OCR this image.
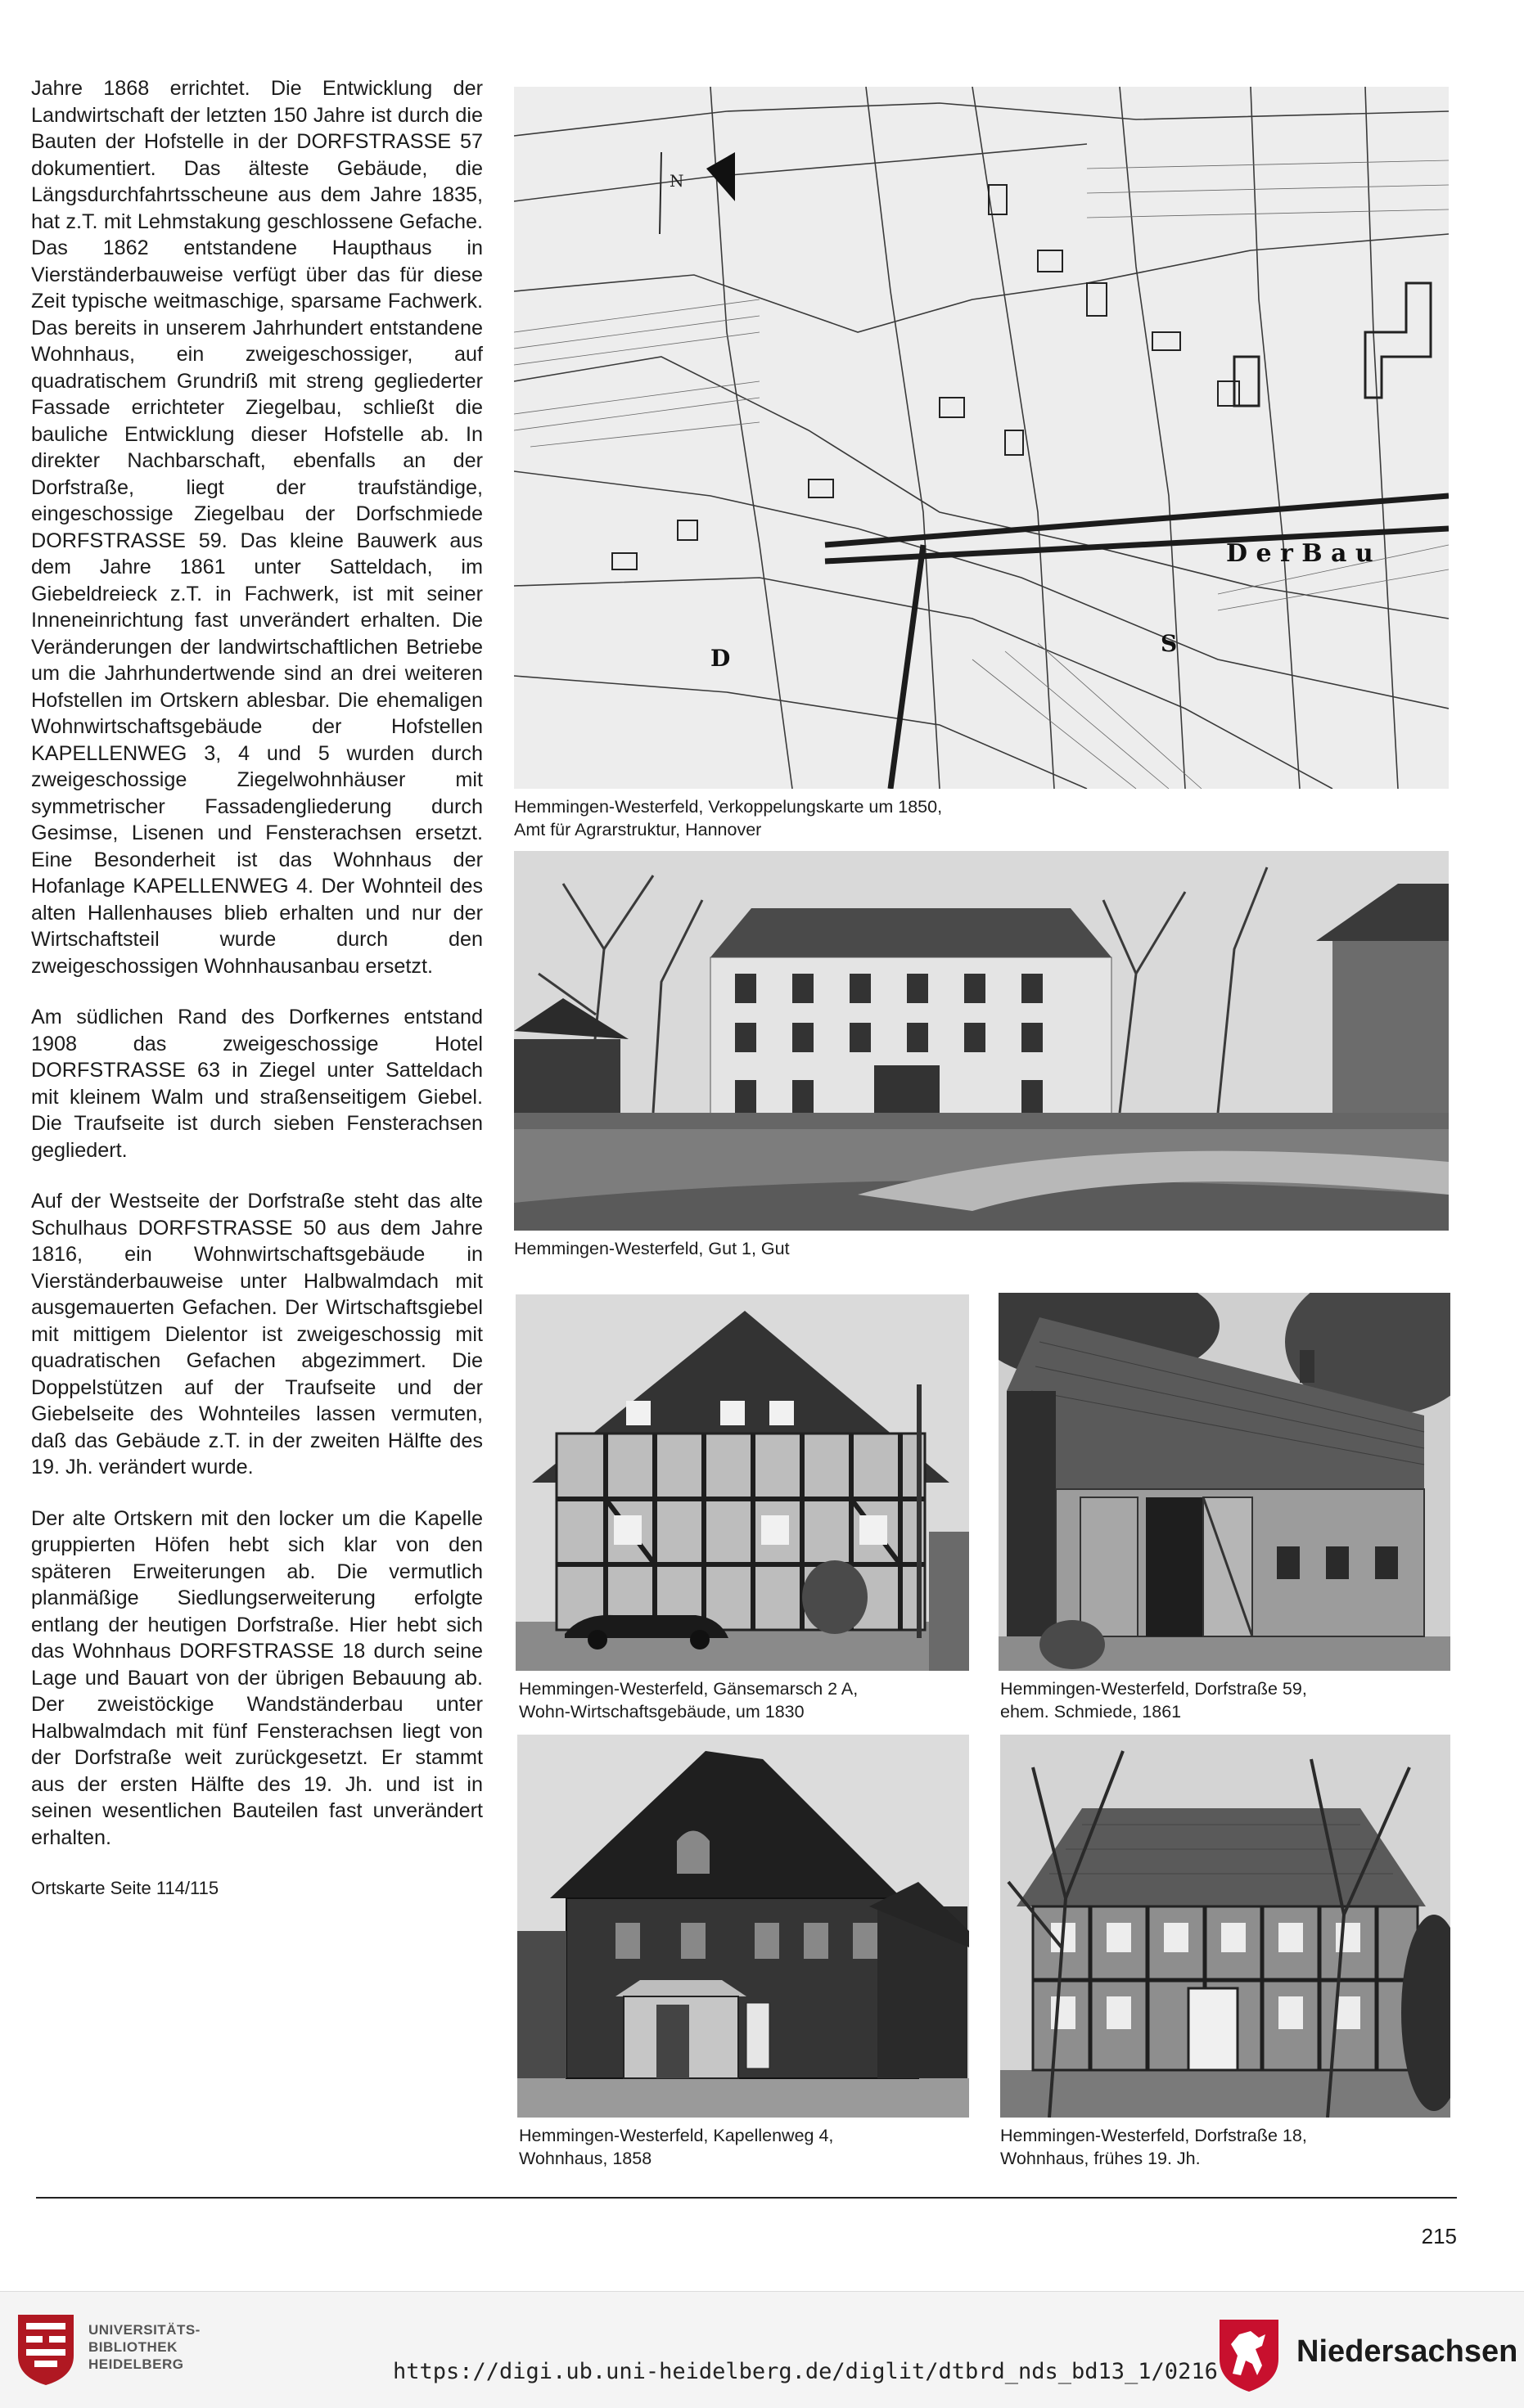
Jahre 1868 errichtet. Die Entwicklung der Landwirtschaft der letzten 150 Jahre ist durch die Bauten der Hofstelle in der DORFSTRASSE 57 dokumentiert. Das älteste Gebäude, die Längsdurchfahrtsscheune aus dem Jahre 1835, hat z.T. mit Lehmstakung geschlossene Gefache. Das 1862 entstandene Haupthaus in Vierständerbauweise verfügt über das für diese Zeit typische weitmaschige, sparsame Fachwerk. Das bereits in unserem Jahrhundert entstandene Wohnhaus, ein zweigeschossiger, auf quadratischem Grundriß mit streng gegliederter Fassade errichteter Ziegelbau, schließt die bauliche Entwicklung dieser Hofstelle ab. In direkter Nachbarschaft, ebenfalls an der Dorfstraße, liegt der traufständige, eingeschossige Ziegelbau der Dorfschmiede DORFSTRASSE 59. Das kleine Bauwerk aus dem Jahre 1861 unter Satteldach, im Giebeldreieck z.T. in Fachwerk, ist mit seiner Inneneinrichtung fast unverändert erhalten. Die Veränderungen der landwirtschaftlichen Betriebe um die Jahrhundertwende sind an drei weiteren Hofstellen im Ortskern ablesbar. Die ehemaligen Wohnwirtschaftsgebäude der Hofstellen KAPELLENWEG 3, 4 und 5 wurden durch zweigeschossige Ziegelwohnhäuser mit symmetrischer Fassadengliederung durch Gesimse, Lisenen und Fensterachsen ersetzt. Eine Besonderheit ist das Wohnhaus der Hofanlage KAPELLENWEG 4. Der Wohnteil des alten Hallenhauses blieb erhalten und nur der Wirtschaftsteil wurde durch den zweigeschossigen Wohnhausanbau ersetzt.

Am südlichen Rand des Dorfkernes entstand 1908 das zweigeschossige Hotel DORFSTRASSE 63 in Ziegel unter Satteldach mit kleinem Walm und straßenseitigem Giebel. Die Traufseite ist durch sieben Fensterachsen gegliedert.

Auf der Westseite der Dorfstraße steht das alte Schulhaus DORFSTRASSE 50 aus dem Jahre 1816, ein Wohnwirtschaftsgebäude in Vierständerbauweise unter Halbwalmdach mit ausgemauerten Gefachen. Der Wirtschaftsgiebel mit mittigem Dielentor ist zweigeschossig mit quadratischen Gefachen abgezimmert. Die Doppelstützen auf der Traufseite und der Giebelseite des Wohnteiles lassen vermuten, daß das Gebäude z.T. in der zweiten Hälfte des 19. Jh. verändert wurde.

Der alte Ortskern mit den locker um die Kapelle gruppierten Höfen hebt sich klar von den späteren Erweiterungen ab. Die vermutlich planmäßige Siedlungserweiterung erfolgte entlang der heutigen Dorfstraße. Hier hebt sich das Wohnhaus DORFSTRASSE 18 durch seine Lage und Bauart von der übrigen Bebauung ab. Der zweistöckige Wandständerbau unter Halbwalmdach mit fünf Fensterachsen liegt von der Dorfstraße weit zurückgesetzt. Er stammt aus der ersten Hälfte des 19. Jh. und ist in seinen wesentlichen Bauteilen fast unverändert erhalten.

Ortskarte Seite 114/115

N
D e r B a u
D
S
Hemmingen-Westerfeld, Verkoppelungskarte um 1850,
Amt für Agrarstruktur, Hannover
Hemmingen-Westerfeld, Gut 1, Gut
Hemmingen-Westerfeld, Gänsemarsch 2 A,
Wohn-Wirtschaftsgebäude, um 1830
Hemmingen-Westerfeld, Dorfstraße 59,
ehem. Schmiede, 1861
Hemmingen-Westerfeld, Kapellenweg 4,
Wohnhaus, 1858
Hemmingen-Westerfeld, Dorfstraße 18,
Wohnhaus, frühes 19. Jh.
215
UNIVERSITÄTS-
BIBLIOTHEK
HEIDELBERG	https://digi.ub.uni-heidelberg.de/diglit/dtbrd_nds_bd13_1/0216
Niedersachsen
